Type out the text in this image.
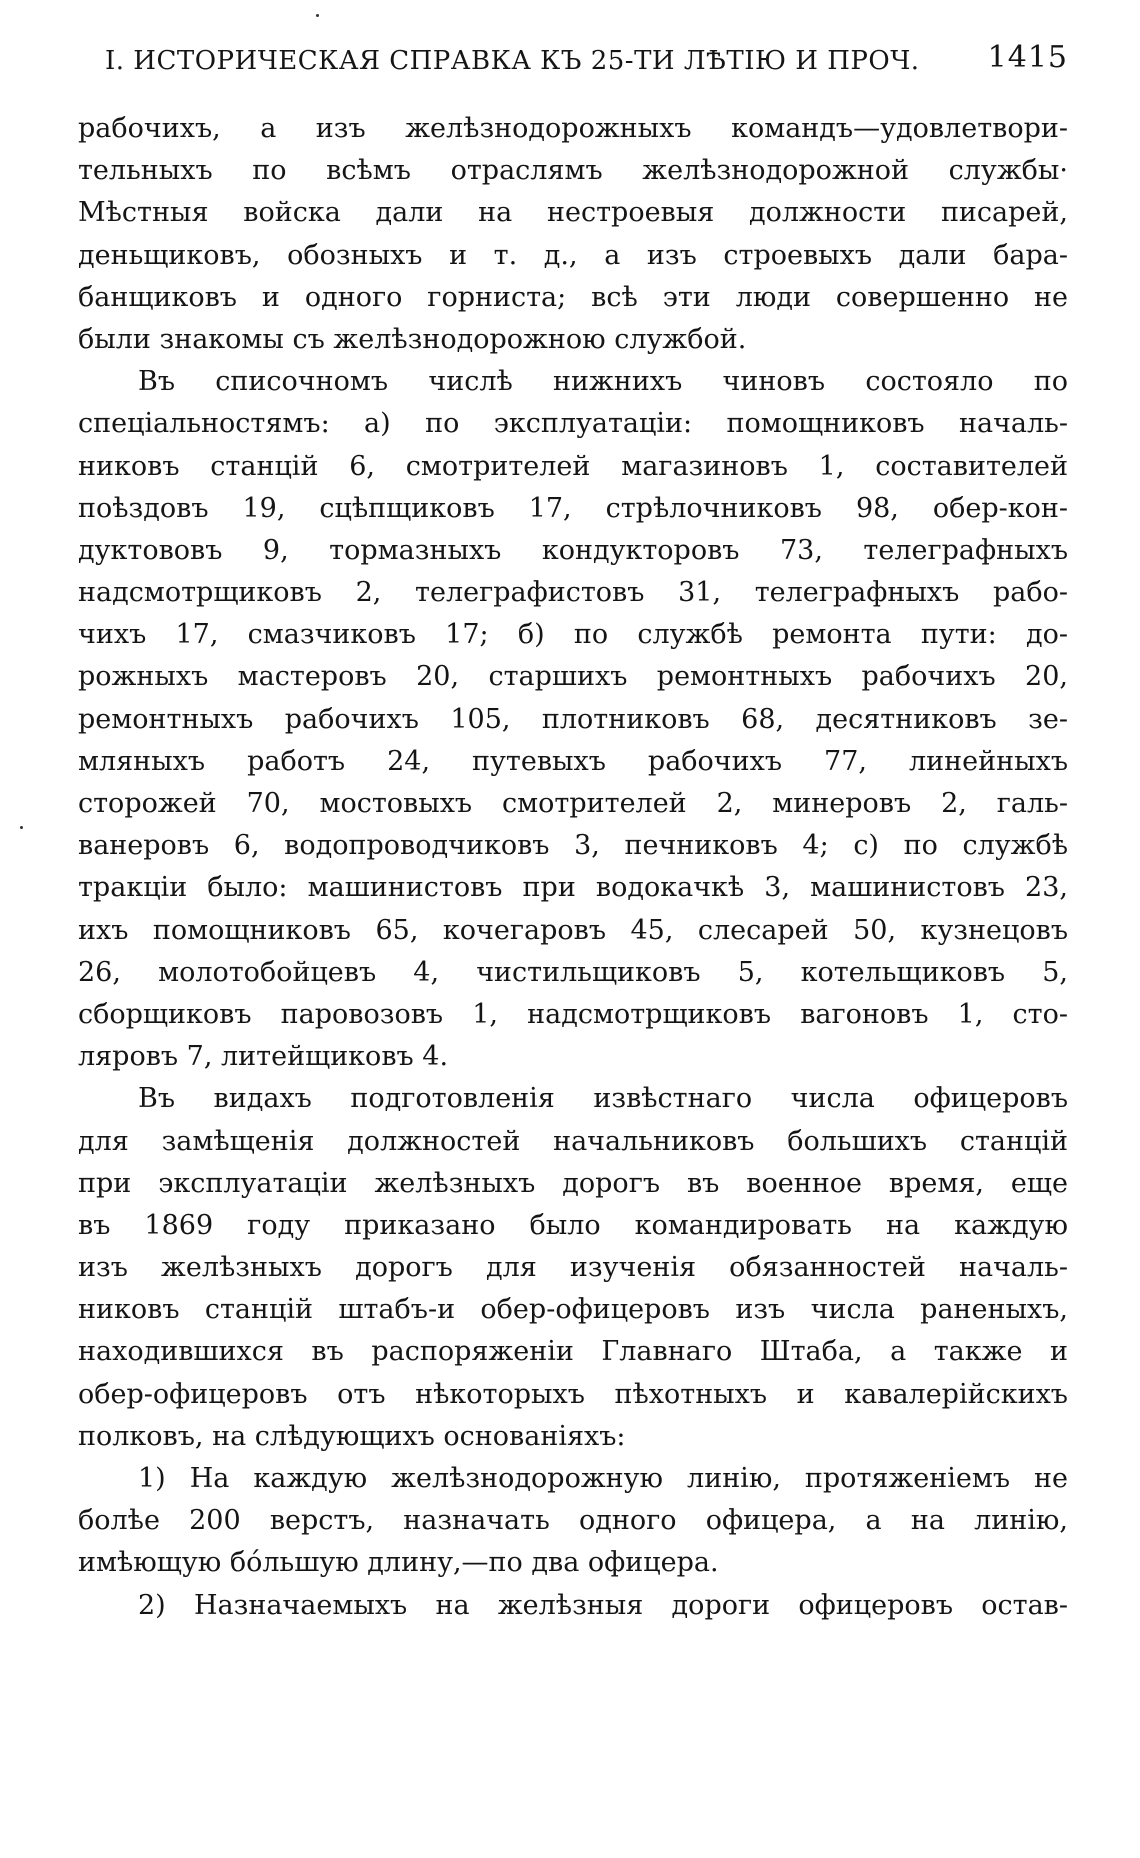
I. ИСТОРИЧЕСКАЯ СПРАВКА КЪ 25-ТИ ЛѢТІЮ И ПРОЧ. 1415
рабочихъ, а изъ желѣзнодорожныхъ командъ—удовлетвори-
тельныхъ по всѣмъ отраслямъ желѣзнодорожной службы·
Мѣстныя войска дали на нестроевыя должности писарей,
деньщиковъ, обозныхъ и т. д., а изъ строевыхъ дали бара-
банщиковъ и одного горниста; всѣ эти люди совершенно не
были знакомы съ желѣзнодорожною службой.
Въ списочномъ числѣ нижнихъ чиновъ состояло по
спеціальностямъ: а) по эксплуатаціи: помощниковъ началь-
никовъ станцій 6, смотрителей магазиновъ 1, составителей
поѣздовъ 19, сцѣпщиковъ 17, стрѣлочниковъ 98, обер-кон-
дуктововъ 9, тормазныхъ кондукторовъ 73, телеграфныхъ
надсмотрщиковъ 2, телеграфистовъ 31, телеграфныхъ рабо-
чихъ 17, смазчиковъ 17; б) по службѣ ремонта пути: до-
рожныхъ мастеровъ 20, старшихъ ремонтныхъ рабочихъ 20,
ремонтныхъ рабочихъ 105, плотниковъ 68, десятниковъ зе-
мляныхъ работъ 24, путевыхъ рабочихъ 77, линейныхъ
сторожей 70, мостовыхъ смотрителей 2, минеровъ 2, галь-
ванеровъ 6, водопроводчиковъ 3, печниковъ 4; с) по службѣ
тракціи было: машинистовъ при водокачкѣ 3, машинистовъ 23,
ихъ помощниковъ 65, кочегаровъ 45, слесарей 50, кузнецовъ
26, молотобойцевъ 4, чистильщиковъ 5, котельщиковъ 5,
сборщиковъ паровозовъ 1, надсмотрщиковъ вагоновъ 1, сто-
ляровъ 7, литейщиковъ 4.
Въ видахъ подготовленія извѣстнаго числа офицеровъ
для замѣщенія должностей начальниковъ большихъ станцій
при эксплуатаціи желѣзныхъ дорогъ въ военное время, еще
въ 1869 году приказано было командировать на каждую
изъ желѣзныхъ дорогъ для изученія обязанностей началь-
никовъ станцій штабъ-и обер-офицеровъ изъ числа раненыхъ,
находившихся въ распоряженіи Главнаго Штаба, а также и
обер-офицеровъ отъ нѣкоторыхъ пѣхотныхъ и кавалерійскихъ
полковъ, на слѣдующихъ основаніяхъ:
1) На каждую желѣзнодорожную линію, протяженіемъ не
болѣе 200 верстъ, назначать одного офицера, а на линію,
имѣющую бóльшую длину,—по два офицера.
2) Назначаемыхъ на желѣзныя дороги офицеровъ остав-
